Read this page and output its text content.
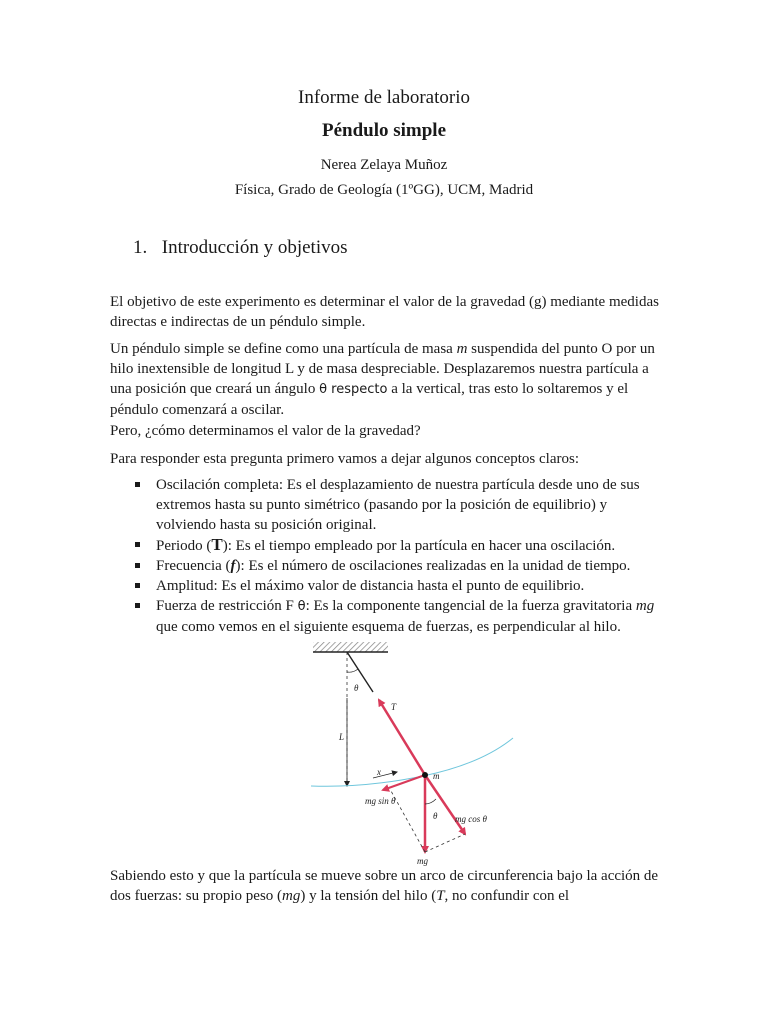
Informe de laboratorio
Péndulo simple
Nerea Zelaya Muñoz
Física, Grado de Geología (1ºGG), UCM, Madrid
1. Introducción y objetivos
El objetivo de este experimento es determinar el valor de la gravedad (g) mediante medidas directas e indirectas de un péndulo simple.
Un péndulo simple se define como una partícula de masa m suspendida del punto O por un hilo inextensible de longitud L y de masa despreciable. Desplazaremos nuestra partícula a una posición que creará un ángulo θ respecto a la vertical, tras esto lo soltaremos y el péndulo comenzará a oscilar.
Pero, ¿cómo determinamos el valor de la gravedad?
Para responder esta pregunta primero vamos a dejar algunos conceptos claros:
Oscilación completa: Es el desplazamiento de nuestra partícula desde uno de sus extremos hasta su punto simétrico (pasando por la posición de equilibrio) y volviendo hasta su posición original.
Periodo (T): Es el tiempo empleado por la partícula en hacer una oscilación.
Frecuencia (f): Es el número de oscilaciones realizadas en la unidad de tiempo.
Amplitud: Es el máximo valor de distancia hasta el punto de equilibrio.
Fuerza de restricción F θ: Es la componente tangencial de la fuerza gravitatoria mg que como vemos en el siguiente esquema de fuerzas, es perpendicular al hilo.
θ
T
L
x	m
mg sin θ
θ mg cos θ
mg
Sabiendo esto y que la partícula se mueve sobre un arco de circunferencia bajo la acción de dos fuerzas: su propio peso (mg) y la tensión del hilo (T, no confundir con el
